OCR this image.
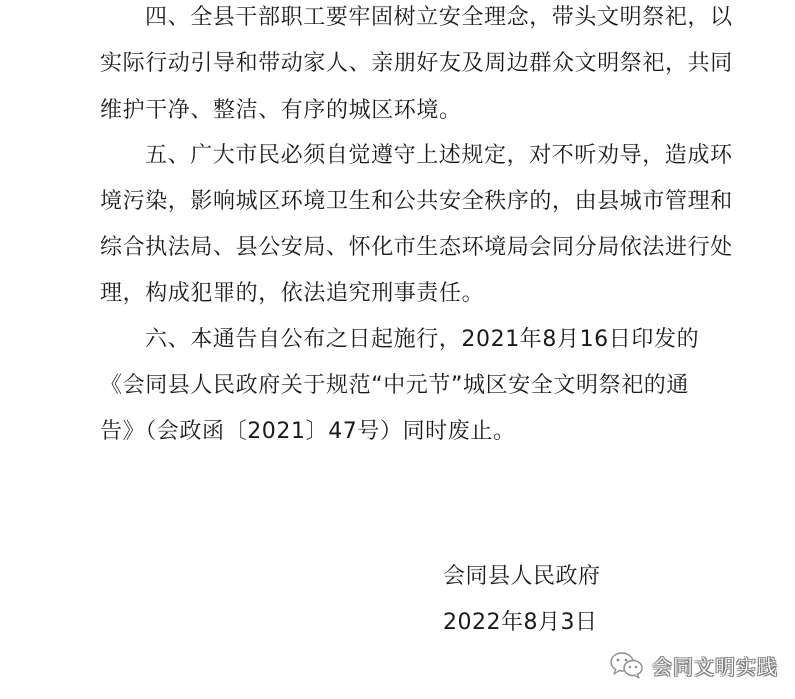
四、全县干部职工要牢固树立安全理念，带头文明祭祀，以
实际行动引导和带动家人、亲朋好友及周边群众文明祭祀，共同
维护干净、整洁、有序的城区环境。
五、广大市民必须自觉遵守上述规定，对不听劝导，造成环
境污染，影响城区环境卫生和公共安全秩序的，由县城市管理和
综合执法局、县公安局、怀化市生态环境局会同分局依法进行处
理，构成犯罪的，依法追究刑事责任。
六、本通告自公布之日起施行，2021年8月16日印发的
《会同县人民政府关于规范“中元节”城区安全文明祭祀的通
告》（会政函〔2021〕47号）同时废止。
会同县人民政府
2022年8月3日
会同文明实践
